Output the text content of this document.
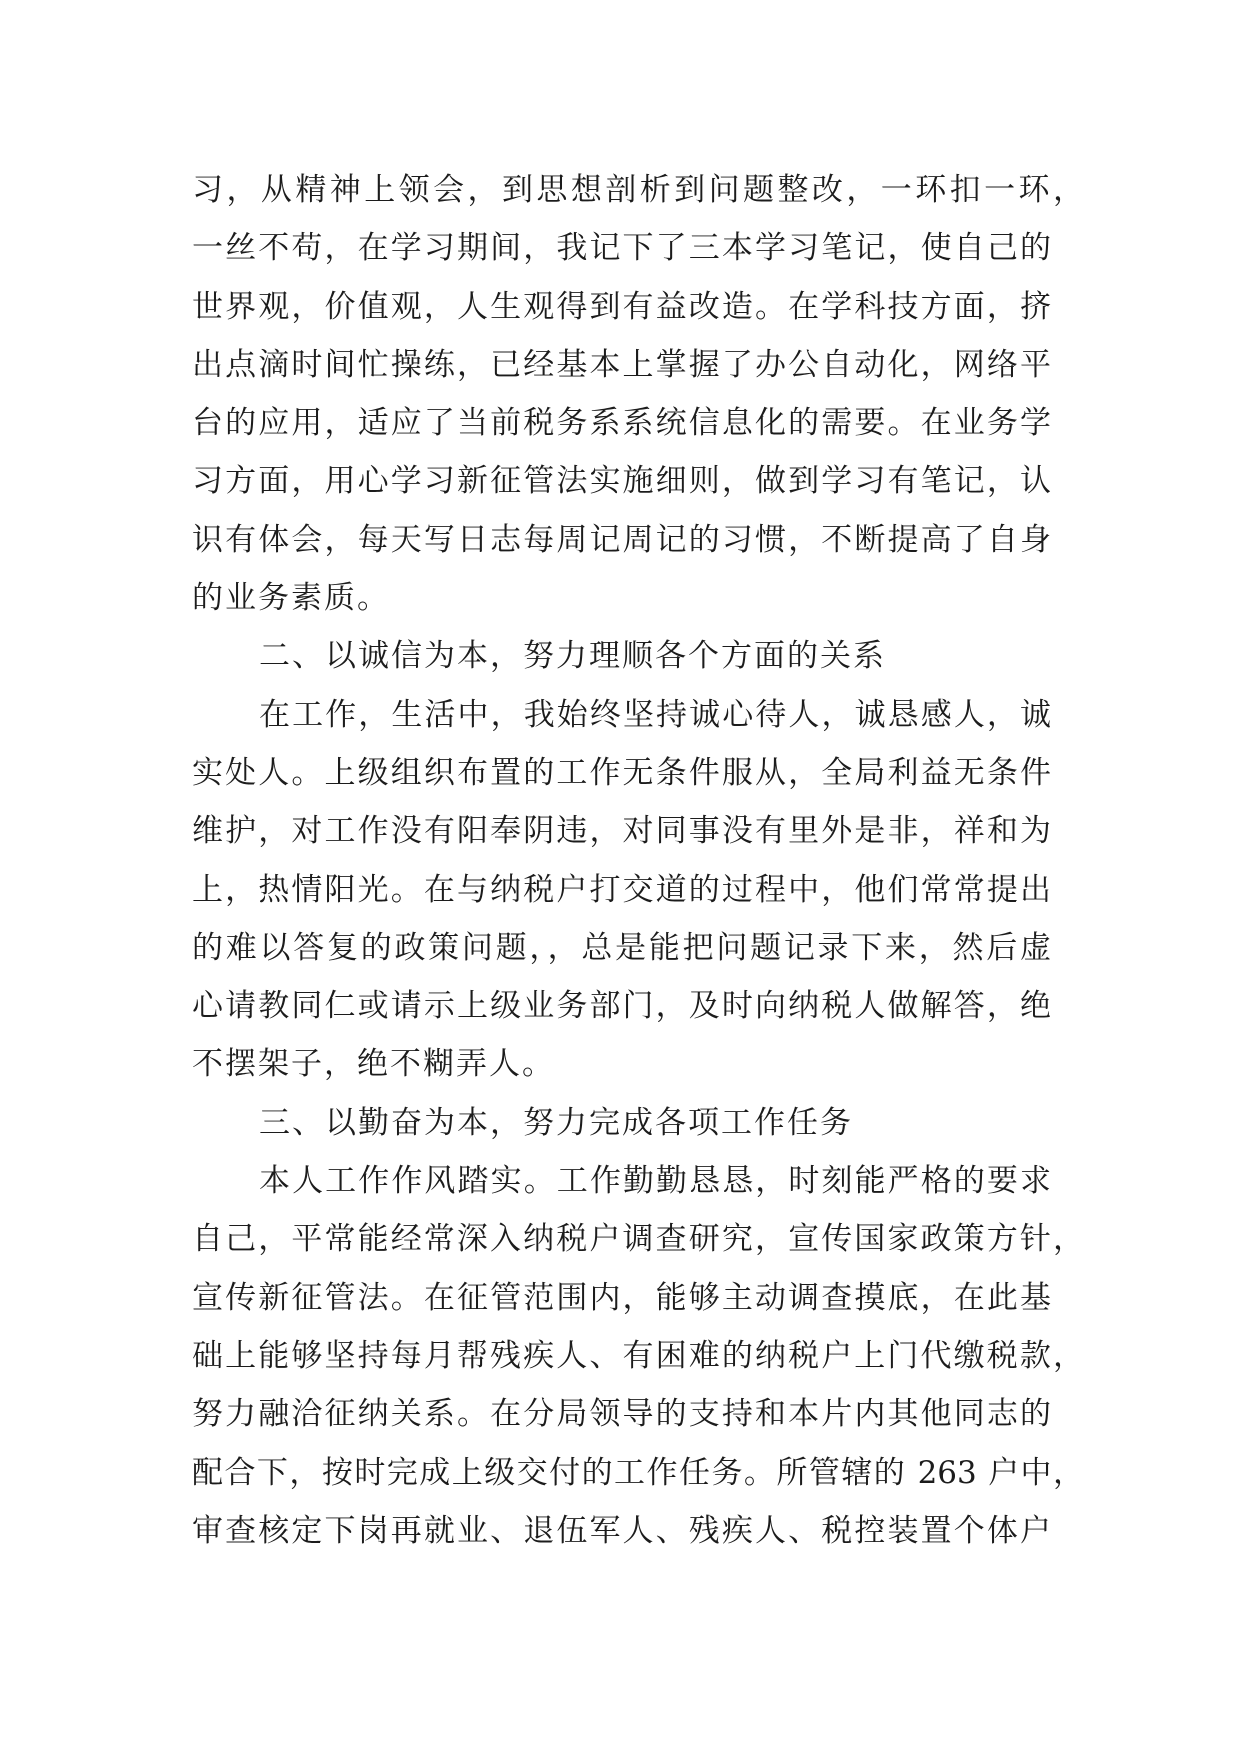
习，从精神上领会，到思想剖析到问题整改，一环扣一环，
一丝不苟，在学习期间，我记下了三本学习笔记，使自己的
世界观，价值观，人生观得到有益改造。在学科技方面，挤
出点滴时间忙操练，已经基本上掌握了办公自动化，网络平
台的应用，适应了当前税务系系统信息化的需要。在业务学
习方面，用心学习新征管法实施细则，做到学习有笔记，认
识有体会，每天写日志每周记周记的习惯，不断提高了自身
的业务素质。
二、以诚信为本，努力理顺各个方面的关系
在工作，生活中，我始终坚持诚心待人，诚恳感人，诚
实处人。上级组织布置的工作无条件服从，全局利益无条件
维护，对工作没有阳奉阴违，对同事没有里外是非，祥和为
上，热情阳光。在与纳税户打交道的过程中，他们常常提出
的难以答复的政策问题，，总是能把问题记录下来，然后虚
心请教同仁或请示上级业务部门，及时向纳税人做解答，绝
不摆架子，绝不糊弄人。
三、以勤奋为本，努力完成各项工作任务
本人工作作风踏实。工作勤勤恳恳，时刻能严格的要求
自己，平常能经常深入纳税户调查研究，宣传国家政策方针，
宣传新征管法。在征管范围内，能够主动调查摸底，在此基
础上能够坚持每月帮残疾人、有困难的纳税户上门代缴税款，
努力融洽征纳关系。在分局领导的支持和本片内其他同志的
配合下，按时完成上级交付的工作任务。所管辖的 263 户中，
审查核定下岗再就业、退伍军人、残疾人、税控装置个体户
